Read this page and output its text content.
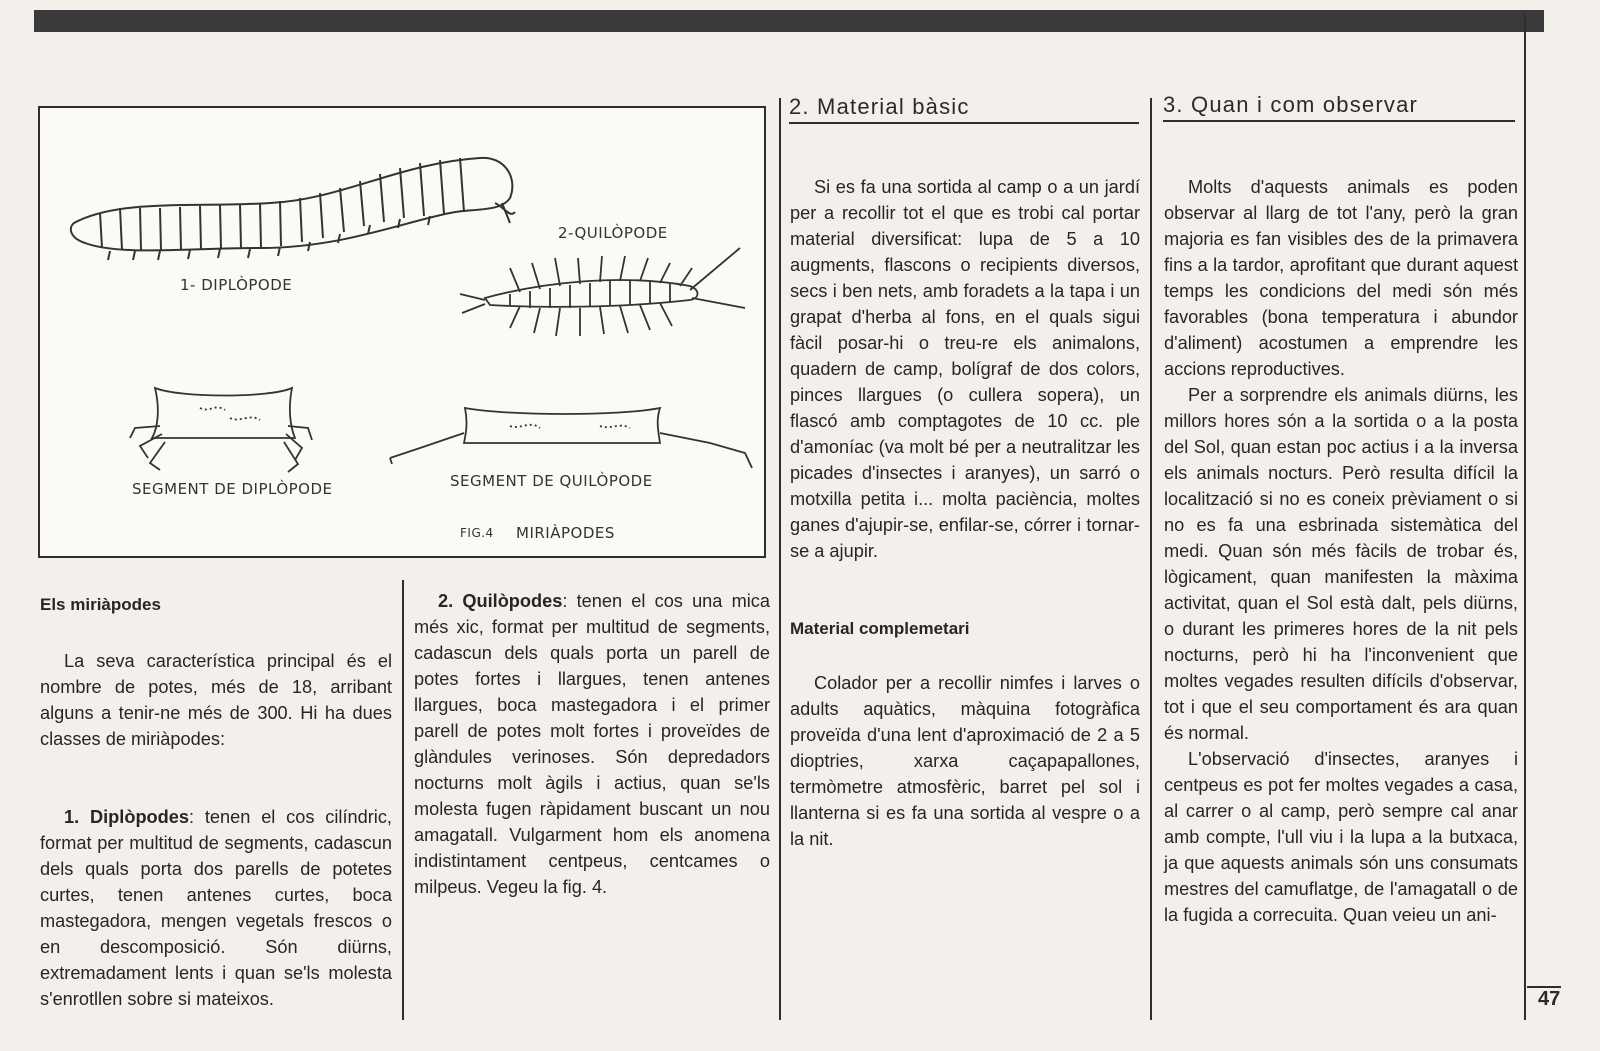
1- DIPLÒPODE
2-QUILÒPODE
SEGMENT DE DIPLÒPODE	SEGMENT DE QUILÒPODE
FIG.4 MIRIÀPODES

Els miriàpodes

La seva característica principal és el nombre de potes, més de 18, arribant alguns a tenir-ne més de 300. Hi ha dues classes de miriàpodes:

1. Diplòpodes: tenen el cos cilíndric, format per multitud de segments, cadascun dels quals porta dos parells de potetes curtes, tenen antenes curtes, boca mastegadora, mengen vegetals frescos o en descomposició. Són diürns, extremadament lents i quan se'ls molesta s'enrotllen sobre si mateixos.

2. Quilòpodes: tenen el cos una mica més xic, format per multitud de segments, cadascun dels quals porta un parell de potes fortes i llargues, tenen antenes llargues, boca mastegadora i el primer parell de potes molt fortes i proveïdes de glàndules verinoses. Són depredadors nocturns molt àgils i actius, quan se'ls molesta fugen ràpidament buscant un nou amagatall. Vulgarment hom els anomena indistintament centpeus, centcames o milpeus. Vegeu la fig. 4.

2. Material bàsic

Si es fa una sortida al camp o a un jardí per a recollir tot el que es trobi cal portar material diversificat: lupa de 5 a 10 augments, flascons o recipients diversos, secs i ben nets, amb foradets a la tapa i un grapat d'herba al fons, en el quals sigui fàcil posar-hi o treu-re els animalons, quadern de camp, bolígraf de dos colors, pinces llargues (o cullera sopera), un flascó amb comptagotes de 10 cc. ple d'amoníac (va molt bé per a neutralitzar les picades d'insectes i aranyes), un sarró o motxilla petita i... molta paciència, moltes ganes d'ajupir-se, enfilar-se, córrer i tornar-se a ajupir.

Material complemetari

Colador per a recollir nimfes i larves o adults aquàtics, màquina fotogràfica proveïda d'una lent d'aproximació de 2 a 5 dioptries, xarxa caçapapallones, termòmetre atmosfèric, barret pel sol i llanterna si es fa una sortida al vespre o a la nit.

3. Quan i com observar

Molts d'aquests animals es poden observar al llarg de tot l'any, però la gran majoria es fan visibles des de la primavera fins a la tardor, aprofitant que durant aquest temps les condicions del medi són més favorables (bona temperatura i abundor d'aliment) acostumen a emprendre les accions reproductives.

Per a sorprendre els animals diürns, les millors hores són a la sortida o a la posta del Sol, quan estan poc actius i a la inversa els animals nocturs. Però resulta difícil la localització si no es coneix prèviament o si no es fa una esbrinada sistemàtica del medi. Quan són més fàcils de trobar és, lògicament, quan manifesten la màxima activitat, quan el Sol està dalt, pels diürns, o durant les primeres hores de la nit pels nocturns, però hi ha l'inconvenient que moltes vegades resulten difícils d'observar, tot i que el seu comportament és ara quan és normal.

L'observació d'insectes, aranyes i centpeus es pot fer moltes vegades a casa, al carrer o al camp, però sempre cal anar amb compte, l'ull viu i la lupa a la butxaca, ja que aquests animals són uns consumats mestres del camuflatge, de l'amagatall o de la fugida a correcuita. Quan veieu un ani-

47
